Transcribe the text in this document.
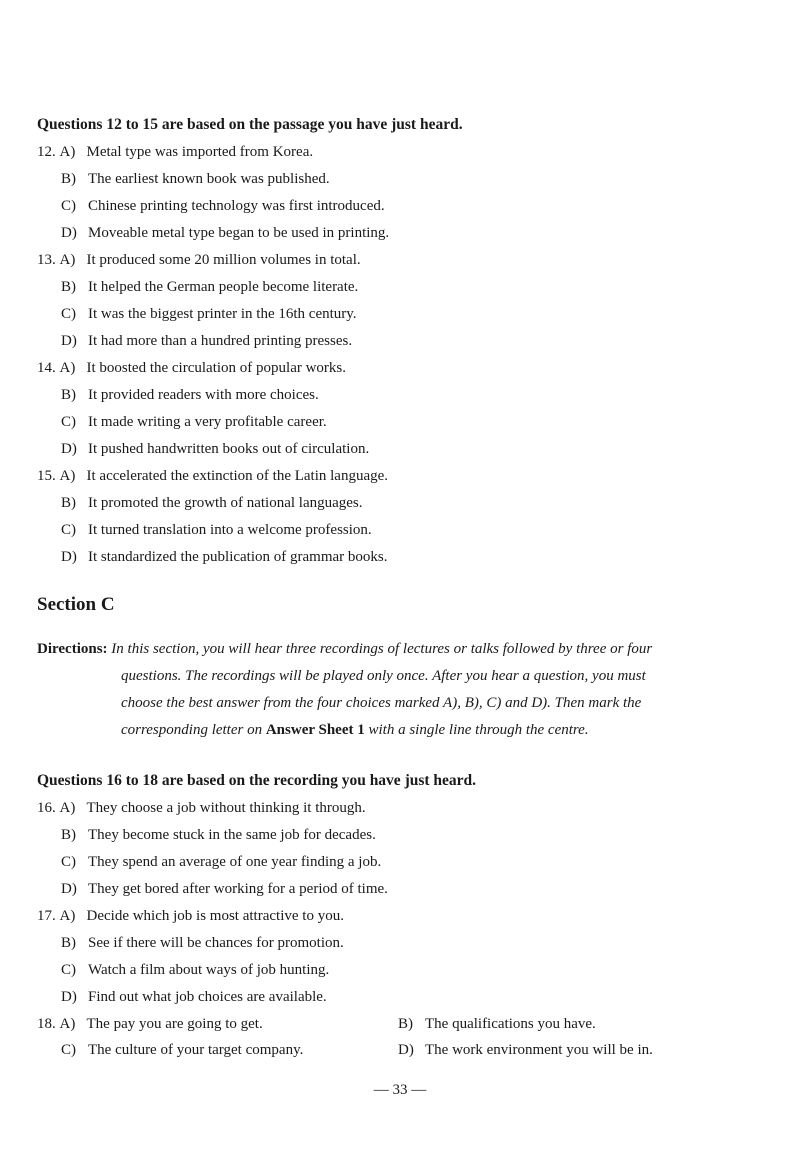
Questions 12 to 15 are based on the passage you have just heard.
12. A) Metal type was imported from Korea.
B) The earliest known book was published.
C) Chinese printing technology was first introduced.
D) Moveable metal type began to be used in printing.
13. A) It produced some 20 million volumes in total.
B) It helped the German people become literate.
C) It was the biggest printer in the 16th century.
D) It had more than a hundred printing presses.
14. A) It boosted the circulation of popular works.
B) It provided readers with more choices.
C) It made writing a very profitable career.
D) It pushed handwritten books out of circulation.
15. A) It accelerated the extinction of the Latin language.
B) It promoted the growth of national languages.
C) It turned translation into a welcome profession.
D) It standardized the publication of grammar books.
Section C
Directions: In this section, you will hear three recordings of lectures or talks followed by three or four
questions. The recordings will be played only once. After you hear a question, you must
choose the best answer from the four choices marked A), B), C) and D). Then mark the
corresponding letter on Answer Sheet 1 with a single line through the centre.
Questions 16 to 18 are based on the recording you have just heard.
16. A) They choose a job without thinking it through.
B) They become stuck in the same job for decades.
C) They spend an average of one year finding a job.
D) They get bored after working for a period of time.
17. A) Decide which job is most attractive to you.
B) See if there will be chances for promotion.
C) Watch a film about ways of job hunting.
D) Find out what job choices are available.
18. A) The pay you are going to get.	B) The qualifications you have.
C) The culture of your target company.	D) The work environment you will be in.
— 33 —
